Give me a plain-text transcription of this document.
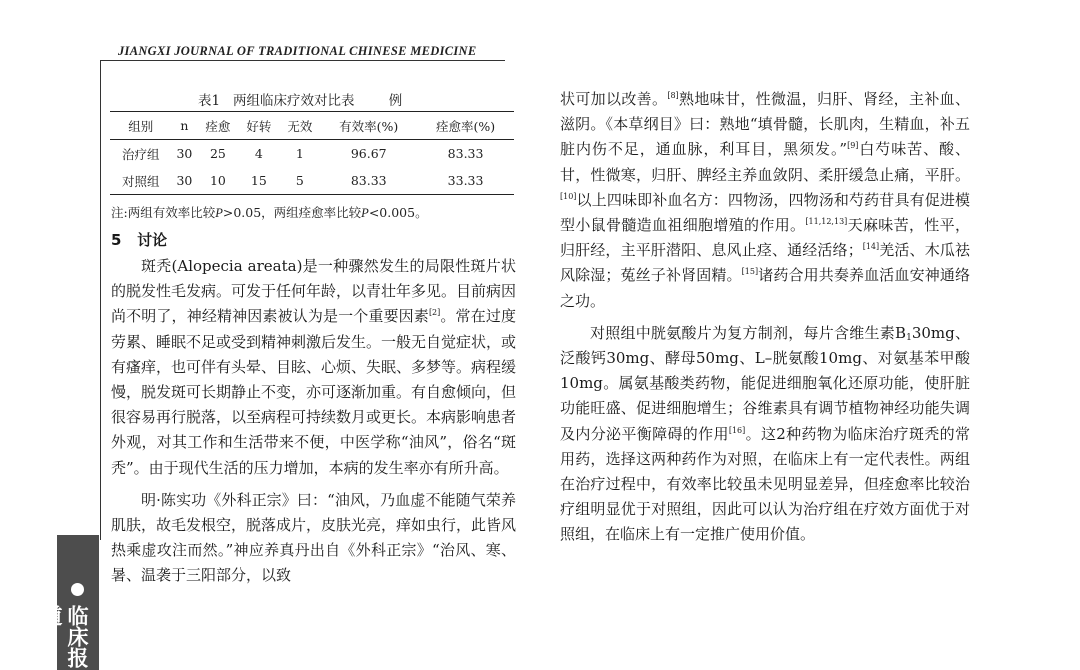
JIANGXI JOURNAL OF TRADITIONAL CHINESE MEDICINE
临床报道
表1   两组临床疗效对比表        例
组别	n	痊愈	好转	无效	有效率(%)	痊愈率(%)
治疗组	30	25	4	1	96.67	83.33
对照组	30	10	15	5	83.33	33.33
注:两组有效率比较P>0.05，两组痊愈率比较P<0.005。
5 讨论

斑秃(Alopecia areata)是一种骤然发生的局限性斑片状的脱发性毛发病。可发于任何年龄，以青壮年多见。目前病因尚不明了，神经精神因素被认为是一个重要因素[2]。常在过度劳累、睡眠不足或受到精神刺激后发生。一般无自觉症状，或有瘙痒，也可伴有头晕、目眩、心烦、失眠、多梦等。病程缓慢，脱发斑可长期静止不变，亦可逐渐加重。有自愈倾向，但很容易再行脱落，以至病程可持续数月或更长。本病影响患者外观，对其工作和生活带来不便，中医学称“油风”，俗名“斑秃”。由于现代生活的压力增加，本病的发生率亦有所升高。

明·陈实功《外科正宗》曰：“油风，乃血虚不能随气荣养肌肤，故毛发根空，脱落成片，皮肤光亮，痒如虫行，此皆风热乘虚攻注而然。”神应养真丹出自《外科正宗》“治风、寒、暑、温袭于三阳部分，以致

状可加以改善。[8]熟地味甘，性微温，归肝、肾经，主补血、滋阴。《本草纲目》曰：熟地“填骨髓，长肌肉，生精血，补五脏内伤不足，通血脉，利耳目，黑须发。”[9]白芍味苦、酸、甘，性微寒，归肝、脾经主养血敛阴、柔肝缓急止痛，平肝。[10]以上四味即补血名方：四物汤，四物汤和芍药苷具有促进模型小鼠骨髓造血祖细胞增殖的作用。[11,12,13]天麻味苦，性平，归肝经，主平肝潜阳、息风止痉、通经活络；[14]羌活、木瓜祛风除湿；菟丝子补肾固精。[15]诸药合用共奏养血活血安神通络之功。

对照组中胱氨酸片为复方制剂，每片含维生素$B_130mg$、泛酸钙30mg、酵母50mg、L–胱氨酸10mg、对氨基苯甲酸10mg。属氨基酸类药物，能促进细胞氧化还原功能，使肝脏功能旺盛、促进细胞增生；谷维素具有调节植物神经功能失调及内分泌平衡障碍的作用[16]。这2种药物为临床治疗斑秃的常用药，选择这两种药作为对照，在临床上有一定代表性。两组在治疗过程中，有效率比较虽未见明显差异，但痊愈率比较治疗组明显优于对照组，因此可以认为治疗组在疗效方面优于对照组，在临床上有一定推广使用价值。
